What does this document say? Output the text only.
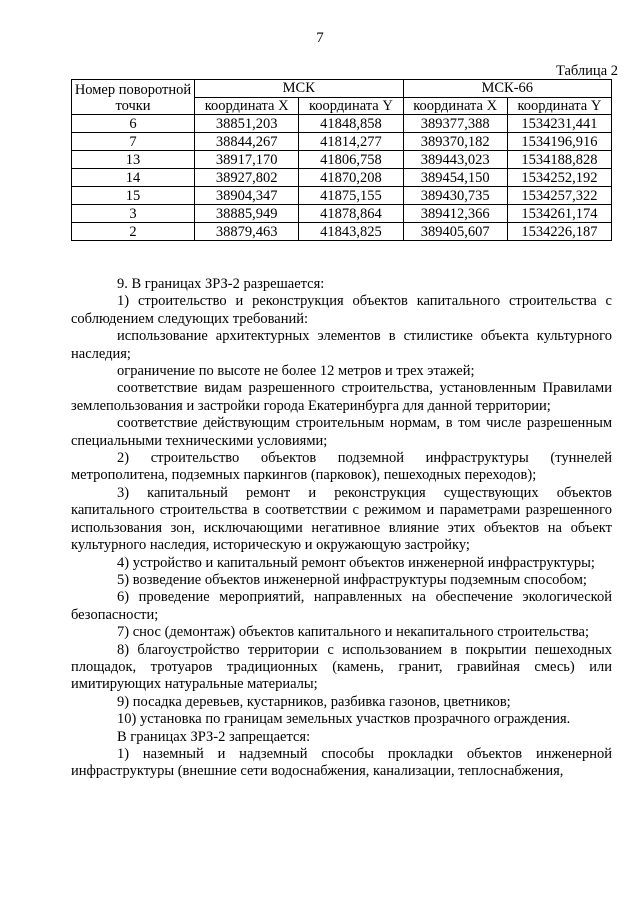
7
Таблица 2
Номер поворотной точки	МСК		МСК-66	
	координата X	координата Y	координата X	координата Y
6	38851,203	41848,858	389377,388	1534231,441
7	38844,267	41814,277	389370,182	1534196,916
13	38917,170	41806,758	389443,023	1534188,828
14	38927,802	41870,208	389454,150	1534252,192
15	38904,347	41875,155	389430,735	1534257,322
3	38885,949	41878,864	389412,366	1534261,174
2	38879,463	41843,825	389405,607	1534226,187

9. В границах ЗРЗ-2 разрешается:

1) строительство и реконструкция объектов капитального строительства с соблюдением следующих требований:

использование архитектурных элементов в стилистике объекта культурного наследия;

ограничение по высоте не более 12 метров и трех этажей;

соответствие видам разрешенного строительства, установленным Правилами землепользования и застройки города Екатеринбурга для данной территории;

соответствие действующим строительным нормам, в том числе разрешенным специальными техническими условиями;

2) строительство объектов подземной инфраструктуры (туннелей метрополитена, подземных паркингов (парковок), пешеходных переходов);

3) капитальный ремонт и реконструкция существующих объектов капитального строительства в соответствии с режимом и параметрами разрешенного использования зон, исключающими негативное влияние этих объектов на объект культурного наследия, историческую и окружающую застройку;

4) устройство и капитальный ремонт объектов инженерной инфраструктуры;

5) возведение объектов инженерной инфраструктуры подземным способом;

6) проведение мероприятий, направленных на обеспечение экологической безопасности;

7) снос (демонтаж) объектов капитального и некапитального строительства;

8) благоустройство территории с использованием в покрытии пешеходных площадок, тротуаров традиционных (камень, гранит, гравийная смесь) или имитирующих натуральные материалы;

9) посадка деревьев, кустарников, разбивка газонов, цветников;

10) установка по границам земельных участков прозрачного ограждения.

В границах ЗРЗ-2 запрещается:

1) наземный и надземный способы прокладки объектов инженерной инфраструктуры (внешние сети водоснабжения, канализации, теплоснабжения,
